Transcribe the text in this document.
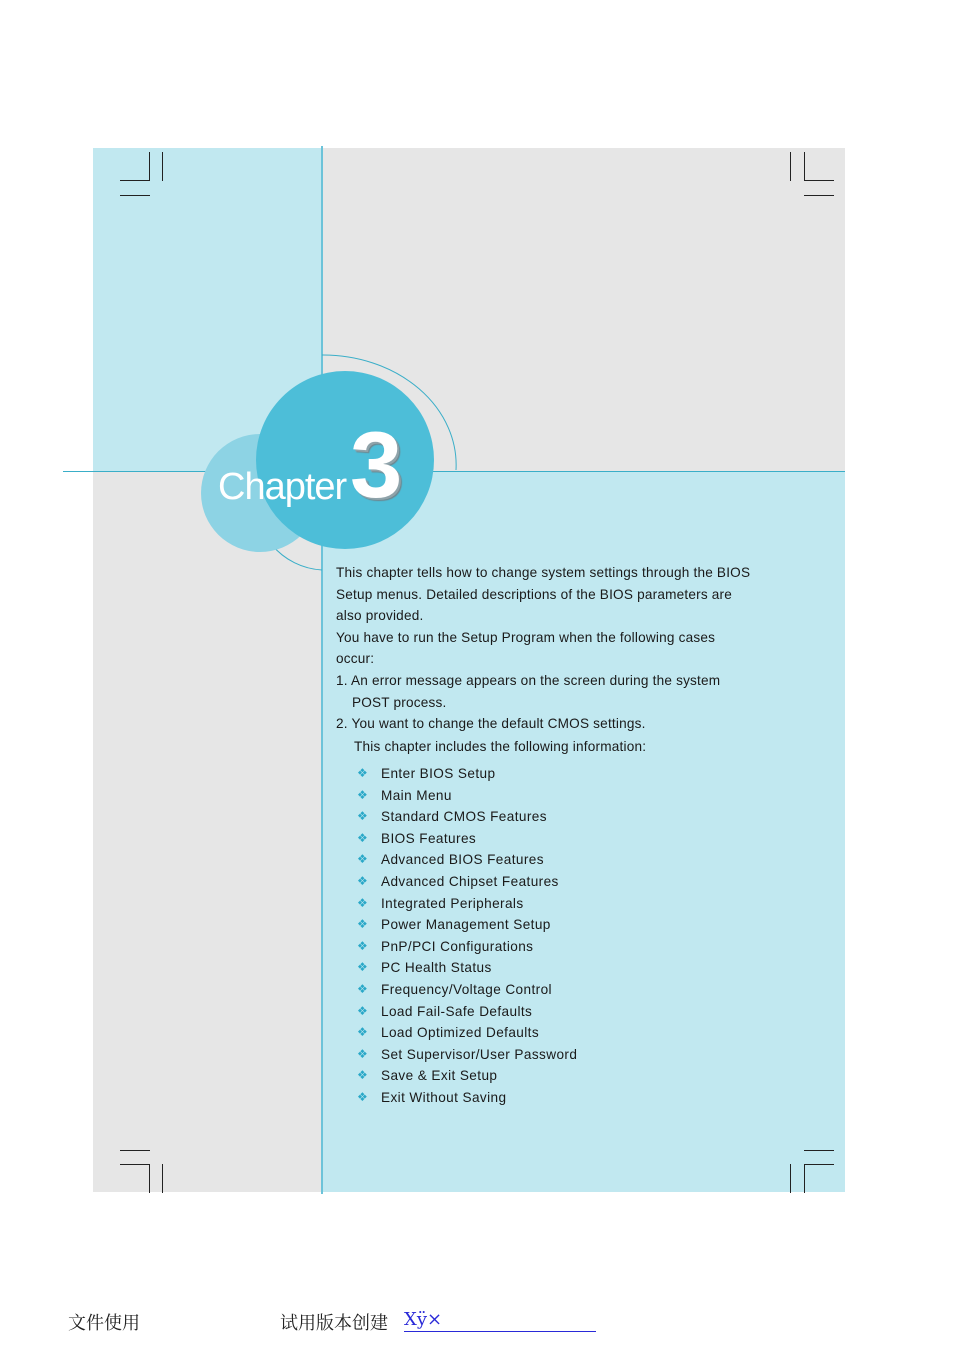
Chapter 3

This chapter tells how to change system settings through the BIOS Setup menus. Detailed descriptions of the BIOS parameters are also provided.

You have to run the Setup Program when the following cases occur:

1. An error message appears on the screen during the system

POST process.

2. You want to change the default CMOS settings.

This chapter includes the following information:
❖ Enter BIOS Setup
❖ Main Menu
❖ Standard CMOS Features
❖ BIOS Features
❖ Advanced BIOS Features
❖ Advanced Chipset Features
❖ Integrated Peripherals
❖ Power Management Setup
❖ PnP/PCI Configurations
❖ PC Health Status
❖ Frequency/Voltage Control
❖ Load Fail-Safe Defaults
❖ Load Optimized Defaults
❖ Set Supervisor/User Password
❖ Save & Exit Setup
❖ Exit Without Saving
文件使用	试用版本创建 Xÿ×
